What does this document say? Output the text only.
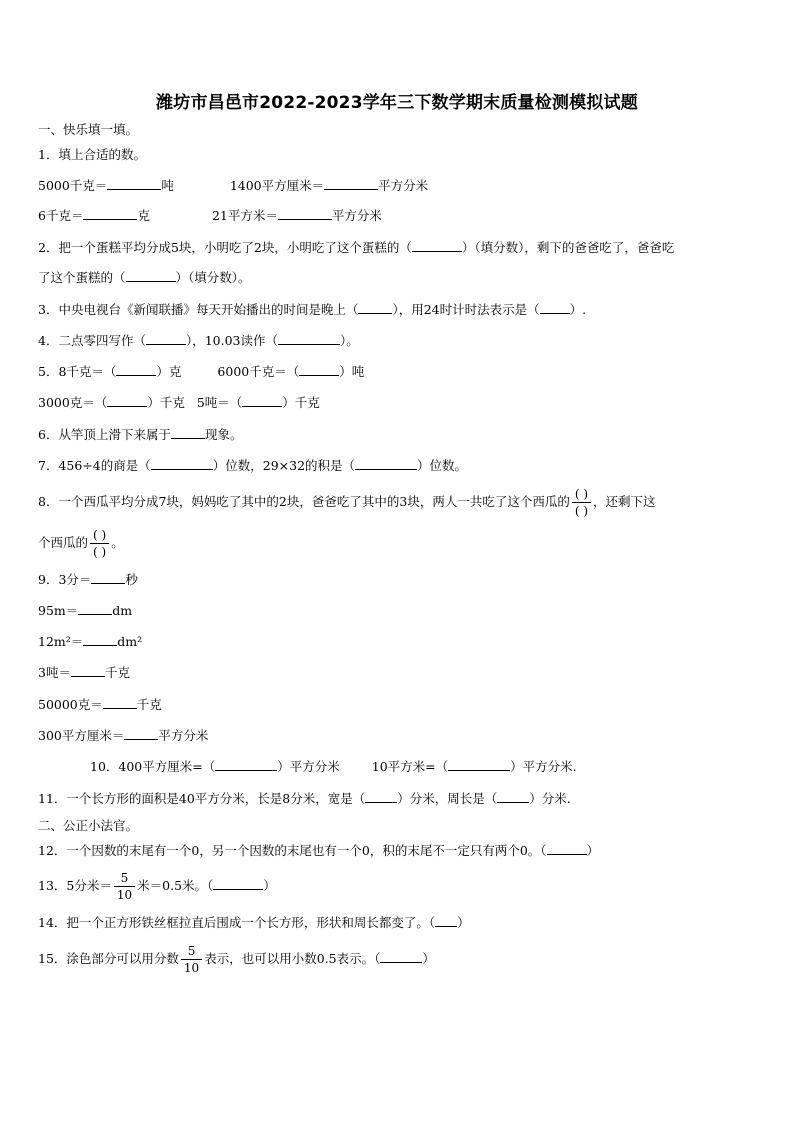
潍坊市昌邑市2022-2023学年三下数学期末质量检测模拟试题
一、快乐填一填。
1．填上合适的数。
5000千克＝	吨	1400平方厘米＝	平方分米
6千克＝	克	21平方米＝	平方分米
2．把一个蛋糕平均分成5块，小明吃了2块，小明吃了这个蛋糕的（	）（填分数），剩下的爸爸吃了，爸爸吃
了这个蛋糕的（	）（填分数）。
3．中央电视台《新闻联播》每天开始播出的时间是晚上（	），用24时计时法表示是（ ）.
4．二点零四写作（	），10.03读作（	）。
5．8千克＝（	）克	6000千克＝（	）吨
3000克＝（	）千克 5吨＝（	）千克
6．从竿顶上滑下来属于	现象。
7．456÷4的商是（	）位数，29×32的积是（	）位数。
8．一个西瓜平均分成7块，妈妈吃了其中的2块，爸爸吃了其中的3块，两人一共吃了这个西瓜的 $\frac{( )}{( )}$ ，还剩下这
个西瓜的 $\frac{( )}{( )}$ 。
9．3分＝	秒
95m＝	dm
12m²＝	dm²
3吨＝	千克
50000克＝	千克
300平方厘米＝	平方分米
10．400平方厘米=（	）平方分米	10平方米=（	）平方分米.
11．一个长方形的面积是40平方分米，长是8分米，宽是（	）分米，周长是（	）分米.
二、公正小法官。
12．一个因数的末尾有一个0，另一个因数的末尾也有一个0，积的末尾不一定只有两个0。（	）
13．5分米＝ $\frac{5}{10}$ 米＝0.5米。（	）
14．把一个正方形铁丝框拉直后围成一个长方形，形状和周长都变了。（ ）
15．涂色部分可以用分数 $\frac{5}{10}$ 表示，也可以用小数0.5表示。（	）
